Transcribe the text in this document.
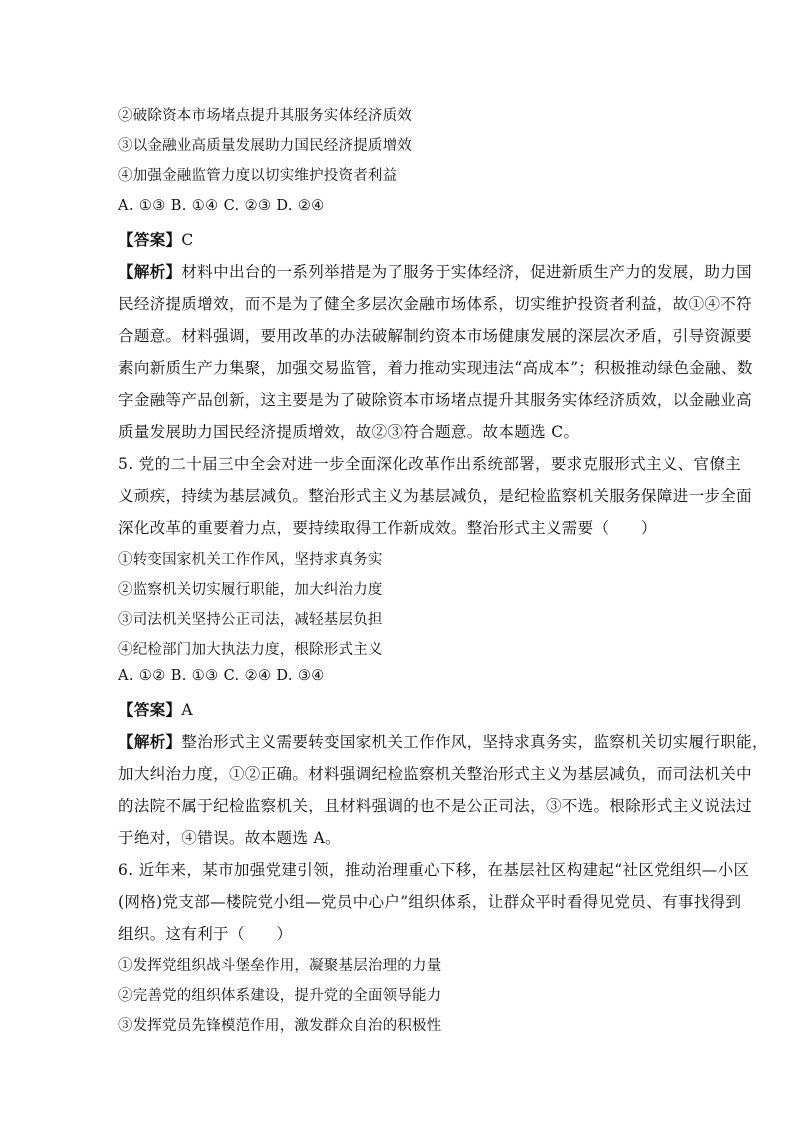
②破除资本市场堵点提升其服务实体经济质效
③以金融业高质量发展助力国民经济提质增效
④加强金融监管力度以切实维护投资者利益
A. ①③ B. ①④ C. ②③ D. ②④
【答案】C
【解析】材料中出台的一系列举措是为了服务于实体经济，促进新质生产力的发展，助力国
民经济提质增效，而不是为了健全多层次金融市场体系，切实维护投资者利益，故①④不符
合题意。材料强调，要用改革的办法破解制约资本市场健康发展的深层次矛盾，引导资源要
素向新质生产力集聚，加强交易监管，着力推动实现违法“高成本”；积极推动绿色金融、数
字金融等产品创新，这主要是为了破除资本市场堵点提升其服务实体经济质效，以金融业高
质量发展助力国民经济提质增效，故②③符合题意。故本题选 C。
5. 党的二十届三中全会对进一步全面深化改革作出系统部署，要求克服形式主义、官僚主
义顽疾，持续为基层减负。整治形式主义为基层减负，是纪检监察机关服务保障进一步全面
深化改革的重要着力点，要持续取得工作新成效。整治形式主义需要（　　）
①转变国家机关工作作风，坚持求真务实
②监察机关切实履行职能，加大纠治力度
③司法机关坚持公正司法，减轻基层负担
④纪检部门加大执法力度，根除形式主义
A. ①② B. ①③ C. ②④ D. ③④
【答案】A
【解析】整治形式主义需要转变国家机关工作作风，坚持求真务实，监察机关切实履行职能，
加大纠治力度，①②正确。材料强调纪检监察机关整治形式主义为基层减负，而司法机关中
的法院不属于纪检监察机关，且材料强调的也不是公正司法，③不选。根除形式主义说法过
于绝对，④错误。故本题选 A。
6. 近年来，某市加强党建引领，推动治理重心下移，在基层社区构建起“社区党组织—小区
(网格)党支部—楼院党小组—党员中心户”组织体系，让群众平时看得见党员、有事找得到
组织。这有利于（　　）
①发挥党组织战斗堡垒作用，凝聚基层治理的力量
②完善党的组织体系建设，提升党的全面领导能力
③发挥党员先锋模范作用，激发群众自治的积极性
